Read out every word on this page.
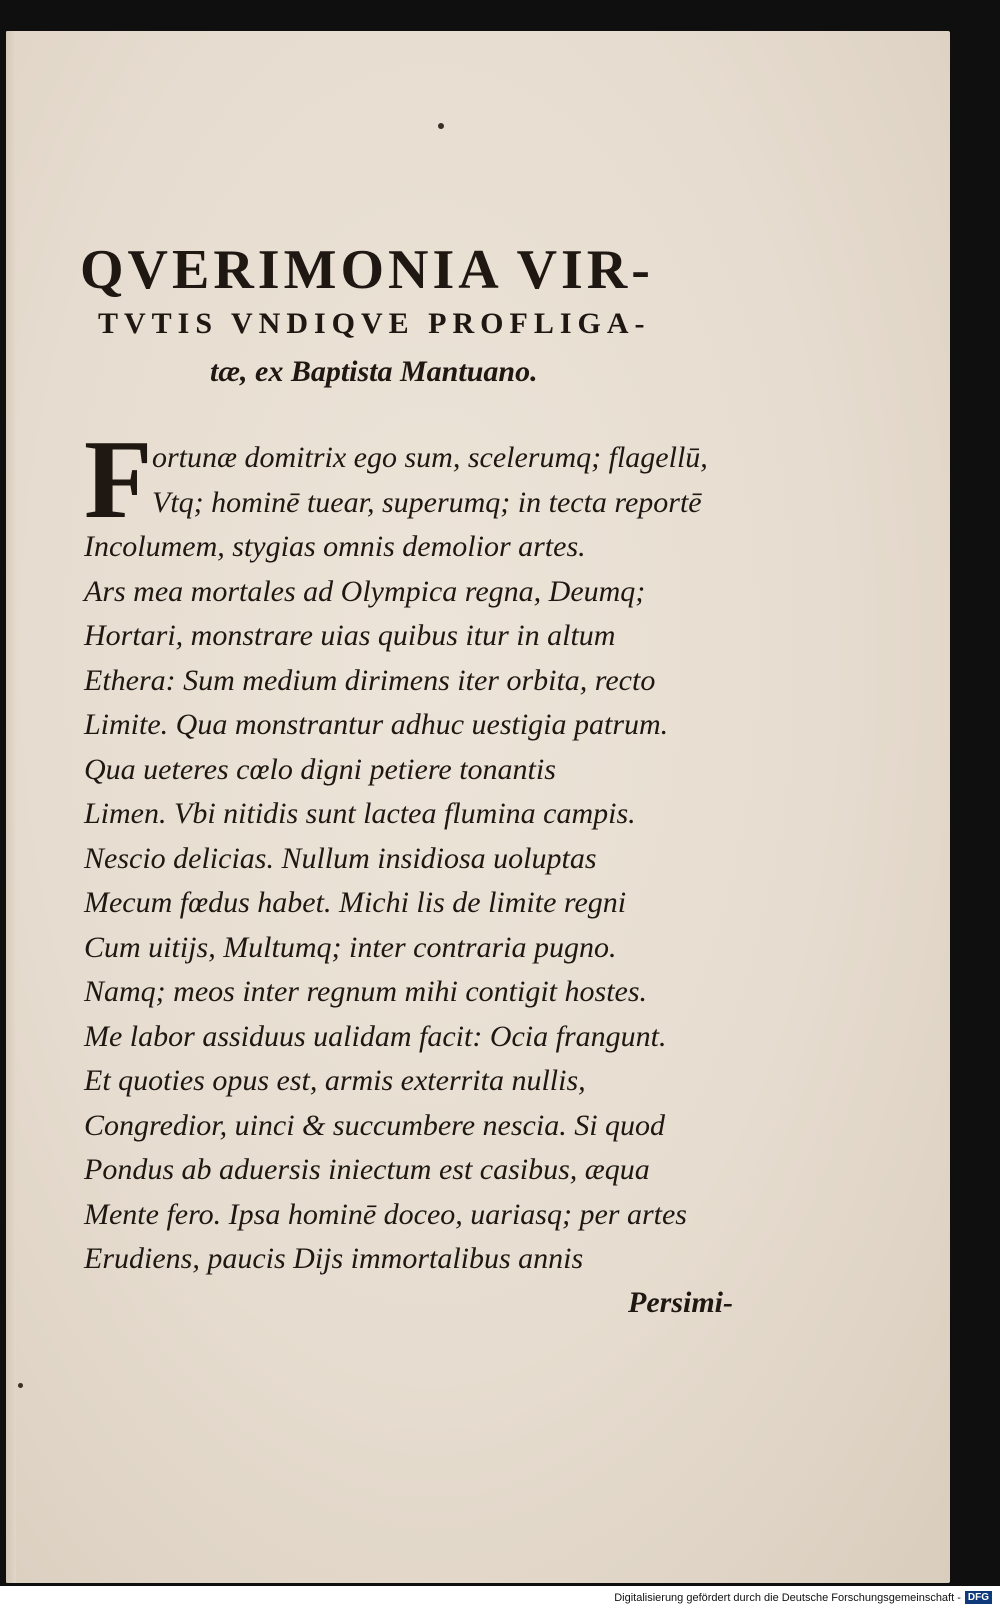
QVERIMONIA VIR-
TVTIS VNDIQVE PROFLIGA-
tæ, ex Baptista Mantuano.
F ortunæ domitrix ego sum, scelerumq; flagellū,
Vtq; hominē tuear, superumq; in tecta reportē
Incolumem, stygias omnis demolior artes.
Ars mea mortales ad Olympica regna, Deumq;
Hortari, monstrare uias quibus itur in altum
Ethera: Sum medium dirimens iter orbita, recto
Limite. Qua monstrantur adhuc uestigia patrum.
Qua ueteres cœlo digni petiere tonantis
Limen. Vbi nitidis sunt lactea flumina campis.
Nescio delicias. Nullum insidiosa uoluptas
Mecum fœdus habet. Michi lis de limite regni
Cum uitijs, Multumq; inter contraria pugno.
Namq; meos inter regnum mihi contigit hostes.
Me labor assiduus ualidam facit: Ocia frangunt.
Et quoties opus est, armis exterrita nullis,
Congredior, uinci & succumbere nescia. Si quod
Pondus ab aduersis iniectum est casibus, æqua
Mente fero. Ipsa hominē doceo, uariasq; per artes
Erudiens, paucis Dijs immortalibus annis
Persimi-
Digitalisierung gefördert durch die Deutsche Forschungsgemeinschaft - DFG
